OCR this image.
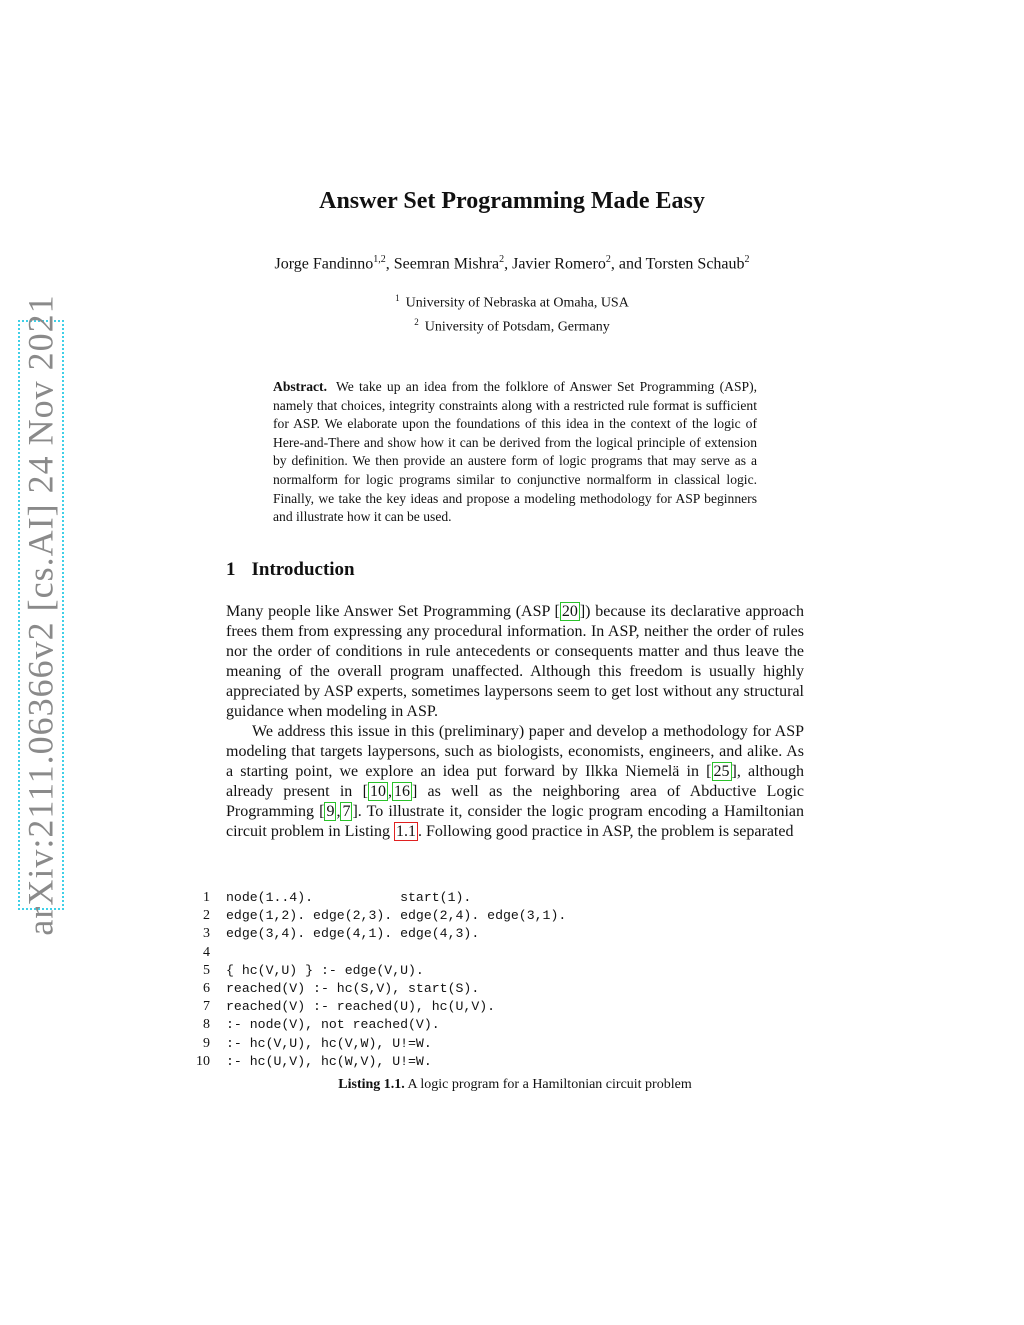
arXiv:2111.06366v2 [cs.AI] 24 Nov 2021
Answer Set Programming Made Easy
Jorge Fandinno$^{1,2}$, Seemran Mishra$^2$, Javier Romero$^2$, and Torsten Schaub$^2$
$^1$ University of Nebraska at Omaha, USA
$^2$ University of Potsdam, Germany
Abstract. We take up an idea from the folklore of Answer Set Programming (ASP), namely that choices, integrity constraints along with a restricted rule format is sufficient for ASP. We elaborate upon the foundations of this idea in the context of the logic of Here-and-There and show how it can be derived from the logical principle of extension by definition. We then provide an austere form of logic programs that may serve as a normalform for logic programs similar to conjunctive normalform in classical logic. Finally, we take the key ideas and propose a modeling methodology for ASP beginners and illustrate how it can be used.
1 Introduction

Many people like Answer Set Programming (ASP [ 20 ]) because its declarative approach frees them from expressing any procedural information. In ASP, neither the order of rules nor the order of conditions in rule antecedents or consequents matter and thus leave the meaning of the overall program unaffected. Although this freedom is usually highly appreciated by ASP experts, sometimes laypersons seem to get lost without any structural guidance when modeling in ASP.

We address this issue in this (preliminary) paper and develop a methodology for ASP modeling that targets laypersons, such as biologists, economists, engineers, and alike. As a starting point, we explore an idea put forward by Ilkka Niemelä in [ 25 ], although already present in [ 10 , 16 ] as well as the neighboring area of Abductive Logic Programming [ 9 , 7 ]. To illustrate it, consider the logic program encoding a Hamiltonian circuit problem in Listing 1.1 . Following good practice in ASP, the problem is separated

1 node(1..4).           start(1).
2 edge(1,2). edge(2,3). edge(2,4). edge(3,1).
3 edge(3,4). edge(4,1). edge(4,3).
4
5 { hc(V,U) } :- edge(V,U).
6 reached(V) :- hc(S,V), start(S).
7 reached(V) :- reached(U), hc(U,V).
8 :- node(V), not reached(V).
9 :- hc(V,U), hc(V,W), U!=W.
10 :- hc(U,V), hc(W,V), U!=W.
Listing 1.1. A logic program for a Hamiltonian circuit problem
